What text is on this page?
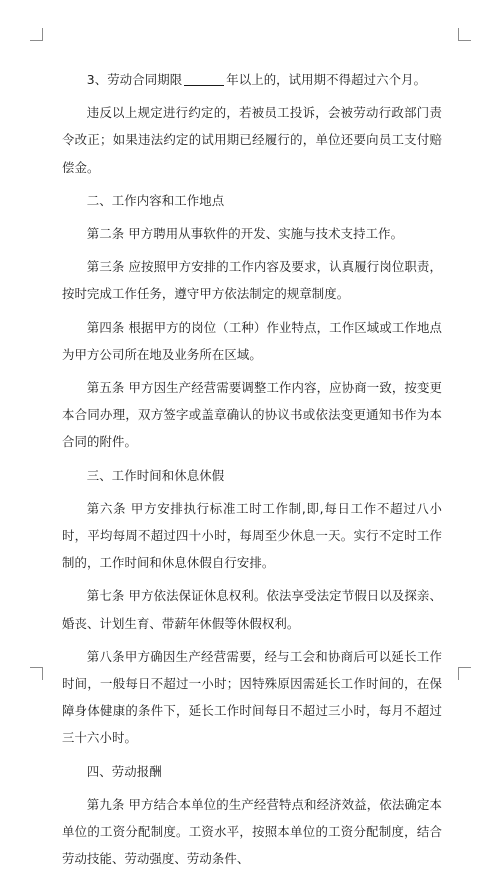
3、劳动合同期限	年以上的，试用期不得超过六个月。

违反以上规定进行约定的，若被员工投诉，会被劳动行政部门责令改正；如果违法约定的试用期已经履行的，单位还要向员工支付赔偿金。

二、工作内容和工作地点

第二条 甲方聘用从事软件的开发、实施与技术支持工作。

第三条 应按照甲方安排的工作内容及要求，认真履行岗位职责，按时完成工作任务，遵守甲方依法制定的规章制度。

第四条 根据甲方的岗位（工种）作业特点，工作区域或工作地点为甲方公司所在地及业务所在区域。

第五条 甲方因生产经营需要调整工作内容，应协商一致，按变更本合同办理，双方签字或盖章确认的协议书或依法变更通知书作为本合同的附件。

三、工作时间和休息休假

第六条 甲方安排执行标准工时工作制,即,每日工作不超过八小时，平均每周不超过四十小时，每周至少休息一天。实行不定时工作制的，工作时间和休息休假自行安排。

第七条 甲方依法保证休息权利。依法享受法定节假日以及探亲、婚丧、计划生育、带薪年休假等休假权利。

第八条甲方确因生产经营需要，经与工会和协商后可以延长工作时间，一般每日不超过一小时；因特殊原因需延长工作时间的，在保障身体健康的条件下，延长工作时间每日不超过三小时，每月不超过三十六小时。

四、劳动报酬

第九条 甲方结合本单位的生产经营特点和经济效益，依法确定本单位的工资分配制度。工资水平，按照本单位的工资分配制度，结合劳动技能、劳动强度、劳动条件、
